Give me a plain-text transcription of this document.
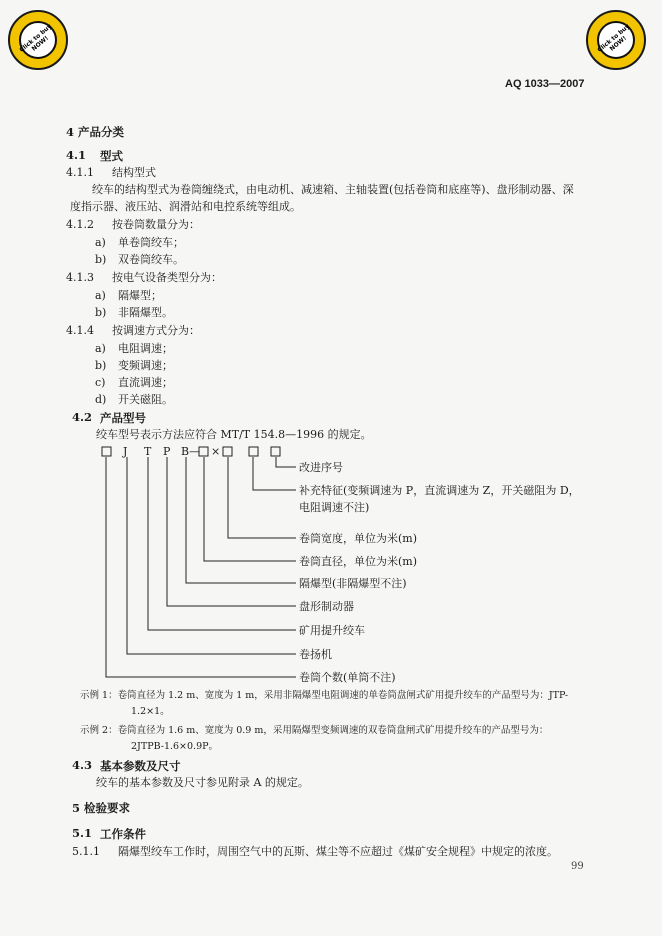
Click to buy NOW!	Click to buy NOW!
AQ 1033—2007
4 产品分类
4.1 型式
4.1.1 结构型式
绞车的结构型式为卷筒缠绕式，由电动机、减速箱、主轴装置(包括卷筒和底座等)、盘形制动器、深
度指示器、液压站、润滑站和电控系统等组成。
4.1.2 按卷筒数量分为：
a) 单卷筒绞车；
b) 双卷筒绞车。
4.1.3 按电气设备类型分为：
a) 隔爆型；
b) 非隔爆型。
4.1.4 按调速方式分为：
a) 电阻调速；
b) 变频调速；
c) 直流调速；
d) 开关磁阻。
4.2 产品型号
绞车型号表示方法应符合 MT/T 154.8—1996 的规定。
J T P B— ×
改进序号
补充特征(变频调速为 P，直流调速为 Z，开关磁阻为 D，
电阻调速不注)
卷筒宽度，单位为米(m)
卷筒直径，单位为米(m)
隔爆型(非隔爆型不注)
盘形制动器
矿用提升绞车
卷扬机
卷筒个数(单筒不注)
示例 1：卷筒直径为 1.2 m、宽度为 1 m，采用非隔爆型电阻调速的单卷筒盘闸式矿用提升绞车的产品型号为：JTP-
1.2×1。
示例 2：卷筒直径为 1.6 m、宽度为 0.9 m，采用隔爆型变频调速的双卷筒盘闸式矿用提升绞车的产品型号为：
2JTPB-1.6×0.9P。
4.3 基本参数及尺寸
绞车的基本参数及尺寸参见附录 A 的规定。
5 检验要求
5.1 工作条件
5.1.1 隔爆型绞车工作时，周围空气中的瓦斯、煤尘等不应超过《煤矿安全规程》中规定的浓度。
99
